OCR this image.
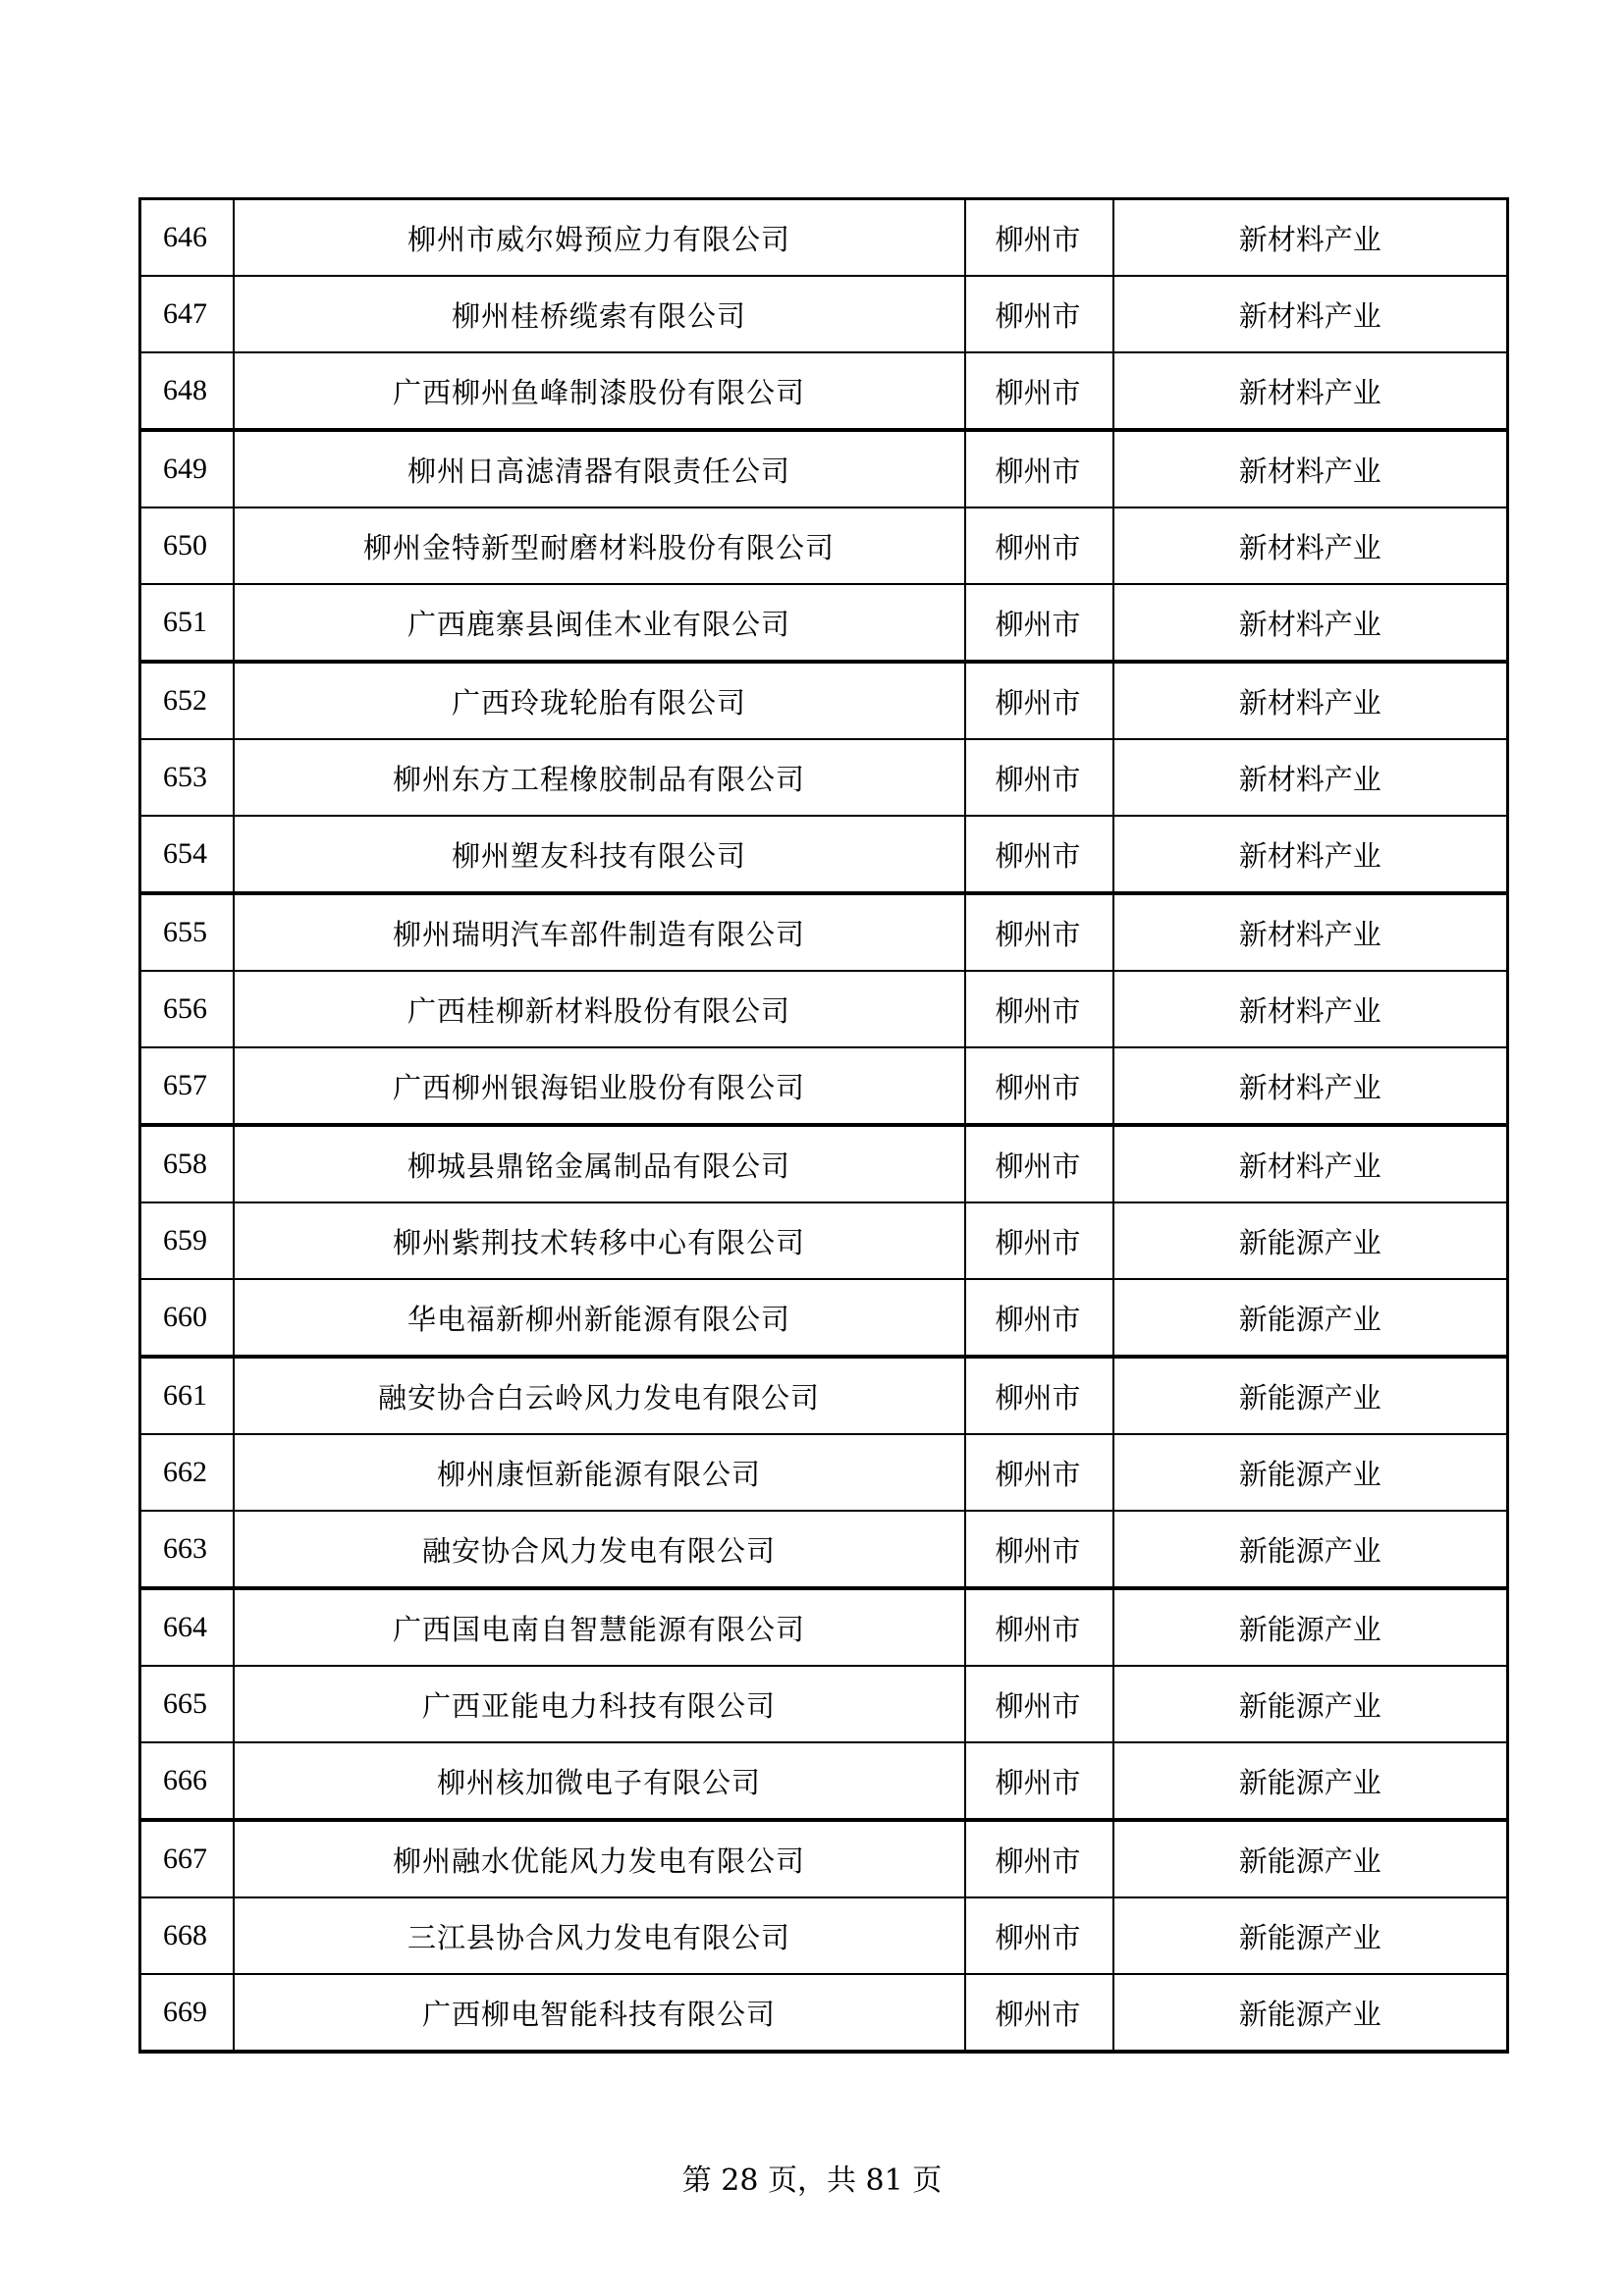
646	柳州市威尔姆预应力有限公司	柳州市	新材料产业
647	柳州桂桥缆索有限公司	柳州市	新材料产业
648	广西柳州鱼峰制漆股份有限公司	柳州市	新材料产业
649	柳州日高滤清器有限责任公司	柳州市	新材料产业
650	柳州金特新型耐磨材料股份有限公司	柳州市	新材料产业
651	广西鹿寨县闽佳木业有限公司	柳州市	新材料产业
652	广西玲珑轮胎有限公司	柳州市	新材料产业
653	柳州东方工程橡胶制品有限公司	柳州市	新材料产业
654	柳州塑友科技有限公司	柳州市	新材料产业
655	柳州瑞明汽车部件制造有限公司	柳州市	新材料产业
656	广西桂柳新材料股份有限公司	柳州市	新材料产业
657	广西柳州银海铝业股份有限公司	柳州市	新材料产业
658	柳城县鼎铭金属制品有限公司	柳州市	新材料产业
659	柳州紫荆技术转移中心有限公司	柳州市	新能源产业
660	华电福新柳州新能源有限公司	柳州市	新能源产业
661	融安协合白云岭风力发电有限公司	柳州市	新能源产业
662	柳州康恒新能源有限公司	柳州市	新能源产业
663	融安协合风力发电有限公司	柳州市	新能源产业
664	广西国电南自智慧能源有限公司	柳州市	新能源产业
665	广西亚能电力科技有限公司	柳州市	新能源产业
666	柳州核加微电子有限公司	柳州市	新能源产业
667	柳州融水优能风力发电有限公司	柳州市	新能源产业
668	三江县协合风力发电有限公司	柳州市	新能源产业
669	广西柳电智能科技有限公司	柳州市	新能源产业
第 28 页，共 81 页
